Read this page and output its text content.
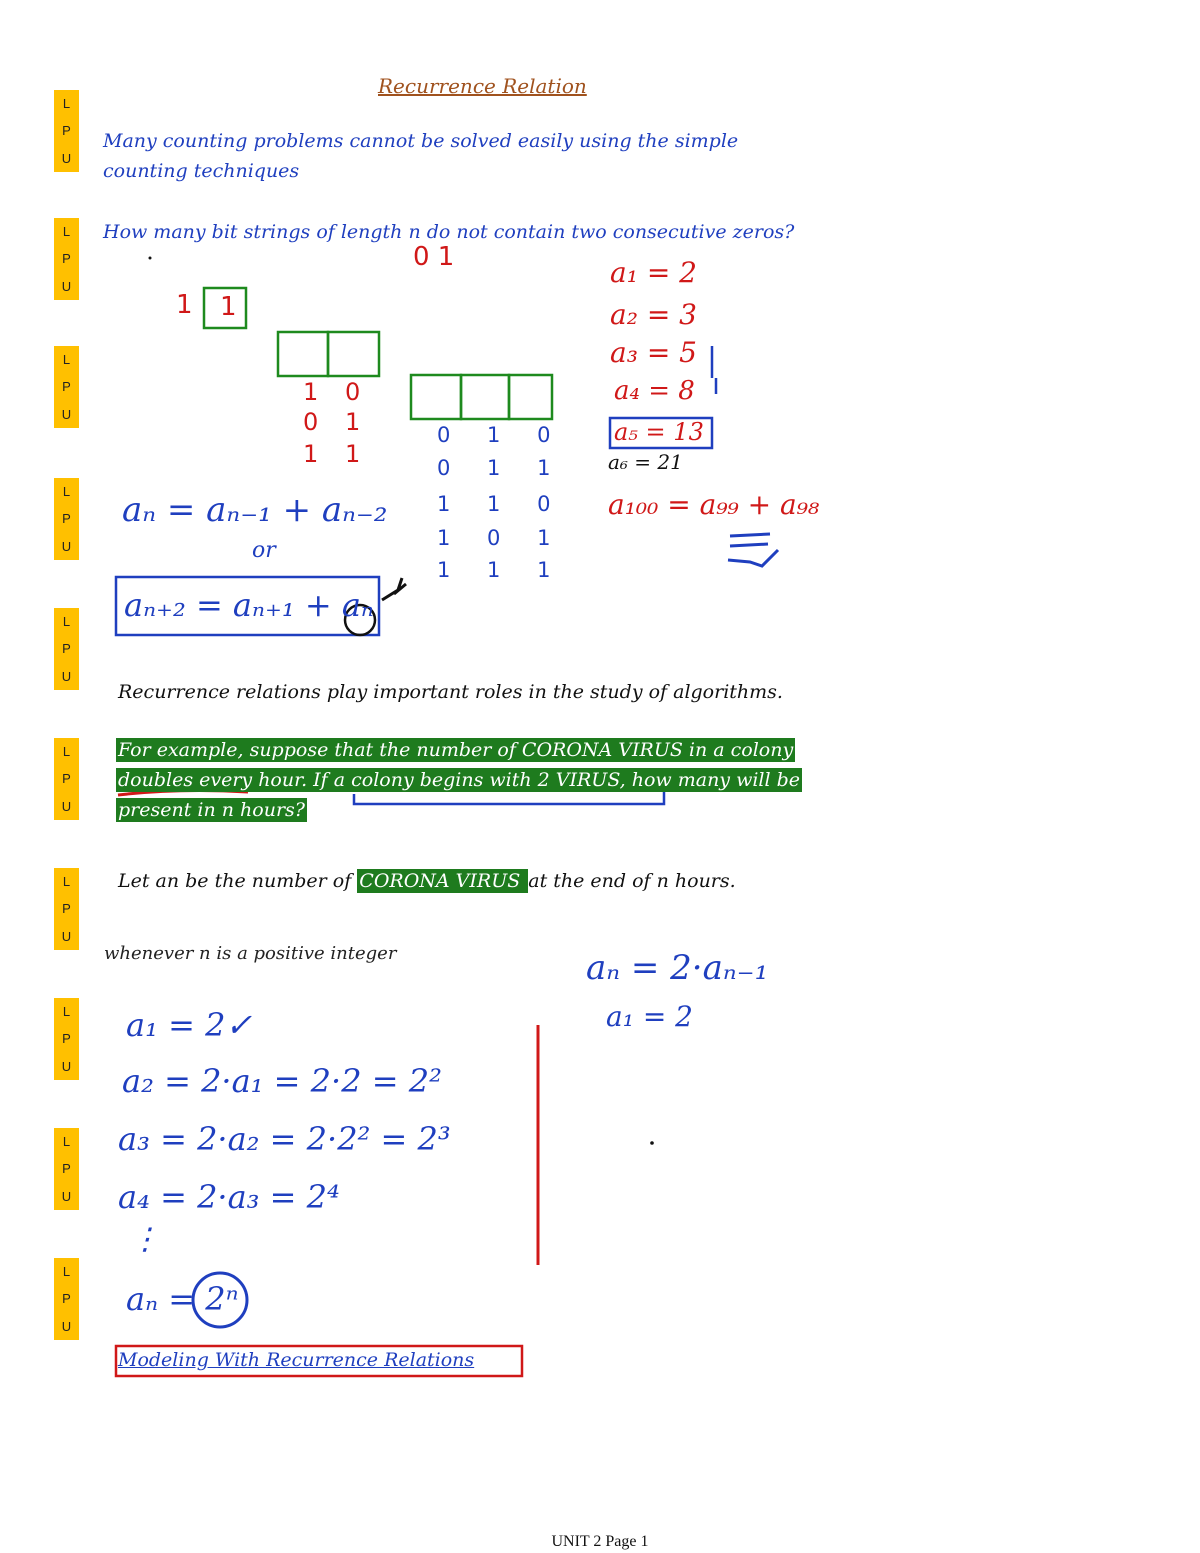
L
P
U
L
P
U
L
P
U
L
P
U
L
P
U
L
P
U
L
P
U
L
P
U
L
P
U
L
P
U
Recurrence Relation
Many counting problems cannot be solved easily using the simple
counting techniques
How many bit strings of length n do not contain two consecutive zeros?
0 1
1 1
1 0
0 1
1 1
0 1 0
0 1 1
1 1 0
1 0 1
1 1 1
a₁ = 2
a₂ = 3
a₃ = 5
a₄ = 8
a₅ = 13
a₆ = 21
a₁₀₀ = a₉₉ + a₉₈
aₙ = aₙ₋₁ + aₙ₋₂
or
aₙ₊₂ = aₙ₊₁ + aₙ
Recurrence relations play important roles in the study of algorithms.
For example, suppose that the number of CORONA VIRUS in a colony
doubles every hour. If a colony begins with 2 VIRUS, how many will be
present in n hours?
Let an be the number of CORONA VIRUS at the end of n hours.
whenever n is a positive integer	aₙ = 2·aₙ₋₁
a₁ = 2
a₁ = 2✓
a₂ = 2·a₁ = 2·2 = 2²
a₃ = 2·a₂ = 2·2² = 2³
a₄ = 2·a₃ = 2⁴
⋮
aₙ = 2ⁿ
Modeling With Recurrence Relations
UNIT 2 Page 1
